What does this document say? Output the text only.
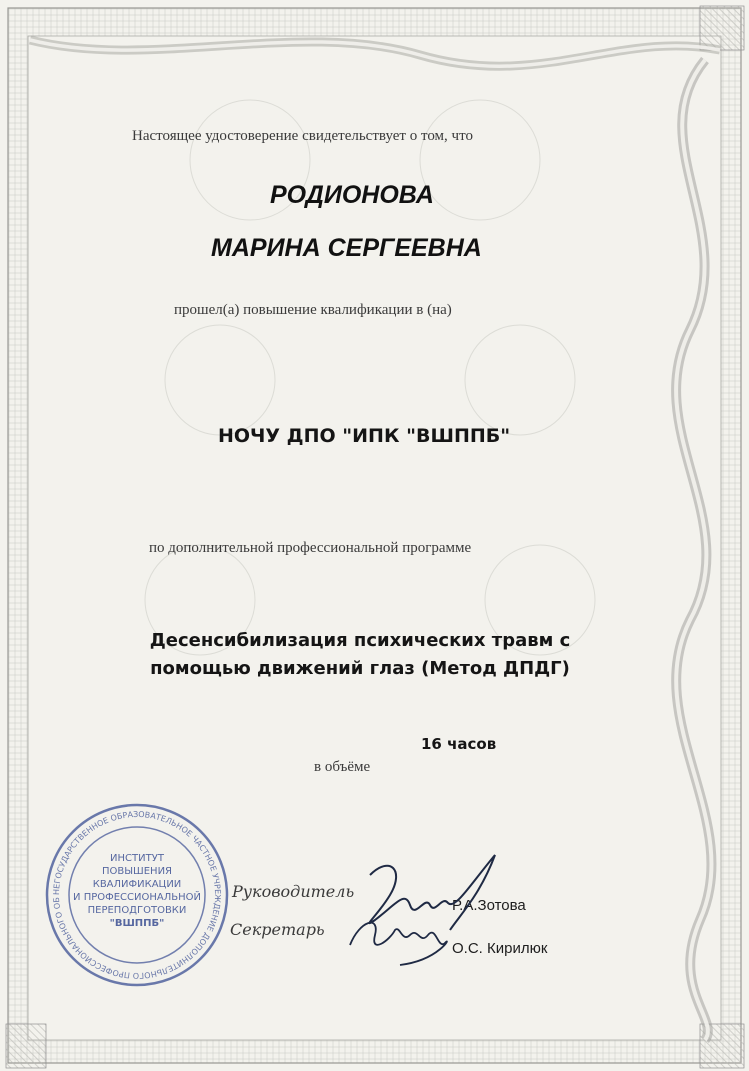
Настоящее удостоверение свидетельствует о том, что
РОДИОНОВА
МАРИНА СЕРГЕЕВНА
прошел(а) повышение квалификации в (на)
НОЧУ ДПО "ИПК "ВШППБ"
по дополнительной профессиональной программе
Десенсибилизация психических травм с
помощью движений глаз (Метод ДПДГ)
16 часов
в объёме
НЕГОСУДАРСТВЕННОЕ ОБРАЗОВАТЕЛЬНОЕ ЧАСТНОЕ УЧРЕЖДЕНИЕ ДОПОЛНИТЕЛЬНОГО ПРОФЕССИОНАЛЬНОГО ОБ
ИНСТИТУТ
ПОВЫШЕНИЯ
КВАЛИФИКАЦИИ
И ПРОФЕССИОНАЛЬНОЙ
ПЕРЕПОДГОТОВКИ
"ВШППБ"
Руководитель
Р.А.Зотова
Секретарь
О.С. Кирилюк
